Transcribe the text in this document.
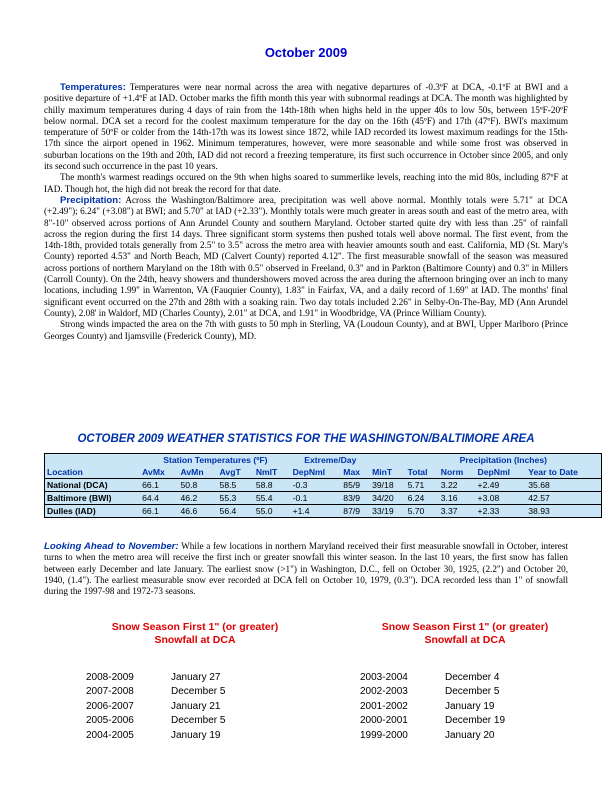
October 2009

Temperatures: Temperatures were near normal across the area with negative departures of -0.3ºF at DCA, -0.1ºF at BWI and a positive departure of +1.4ºF at IAD. October marks the fifth month this year with subnormal readings at DCA. The month was highlighted by chilly maximum temperatures during 4 days of rain from the 14th-18th when highs held in the upper 40s to low 50s, between 15ºF-20ºF below normal. DCA set a record for the coolest maximum temperature for the day on the 16th (45ºF) and 17th (47ºF). BWI's maximum temperature of 50ºF or colder from the 14th-17th was its lowest since 1872, while IAD recorded its lowest maximum readings for the 15th-17th since the airport opened in 1962. Minimum temperatures, however, were more seasonable and while some frost was observed in suburban locations on the 19th and 20th, IAD did not record a freezing temperature, its first such occurrence in October since 2005, and only its second such occurrence in the past 10 years.

The month's warmest readings occured on the 9th when highs soared to summerlike levels, reaching into the mid 80s, including 87ºF at IAD. Though hot, the high did not break the record for that date.

Precipitation: Across the Washington/Baltimore area, precipitation was well above normal. Monthly totals were 5.71" at DCA (+2.49"); 6.24" (+3.08") at BWI; and 5.70" at IAD (+2.33"). Monthly totals were much greater in areas south and east of the metro area, with 8"-10" observed across portions of Ann Arundel County and southern Maryland. October started quite dry with less than .25" of rainfall across the region during the first 14 days. Three significant storm systems then pushed totals well above normal. The first event, from the 14th-18th, provided totals generally from 2.5" to 3.5" across the metro area with heavier amounts south and east. California, MD (St. Mary's County) reported 4.53" and North Beach, MD (Calvert County) reported 4.12". The first measurable snowfall of the season was measured across portions of northern Maryland on the 18th with 0.5" observed in Freeland, 0.3" and in Parkton (Baltimore County) and 0.3" in Millers (Carroll County). On the 24th, heavy showers and thundershowers moved across the area during the afternoon bringing over an inch to many locations, including 1.99" in Warrenton, VA (Fauquier County), 1.83" in Fairfax, VA, and a daily record of 1.69" at IAD. The months' final significant event occurred on the 27th and 28th with a soaking rain. Two day totals included 2.26" in Selby-On-The-Bay, MD (Ann Arundel County), 2.08' in Waldorf, MD (Charles County), 2.01" at DCA, and 1.91" in Woodbridge, VA (Prince William County).

Strong winds impacted the area on the 7th with gusts to 50 mph in Sterling, VA (Loudoun County), and at BWI, Upper Marlboro (Prince Georges County) and Ijamsville (Frederick County), MD.

OCTOBER 2009 WEATHER STATISTICS FOR THE WASHINGTON/BALTIMORE AREA
	Station Temperatures (ºF)				Extreme/Day			Precipitation (Inches)			
Location	AvMx	AvMn	AvgT	NmlT	DepNml	Max	MinT	Total	Norm	DepNml	Year to Date
National (DCA)	66.1	50.8	58.5	58.8	-0.3	85/9	39/18	5.71	3.22	+2.49	35.68
Baltimore (BWI)	64.4	46.2	55.3	55.4	-0.1	83/9	34/20	6.24	3.16	+3.08	42.57
Dulles (IAD)	66.1	46.6	56.4	55.0	+1.4	87/9	33/19	5.70	3.37	+2.33	38.93

Looking Ahead to November: While a few locations in northern Maryland received their first measurable snowfall in October, interest turns to when the metro area will receive the first inch or greater snowfall this winter season. In the last 10 years, the first snow has fallen between early December and late January. The earliest snow (>1") in Washington, D.C., fell on October 30, 1925, (2.2") and October 20, 1940, (1.4"). The earliest measurable snow ever recorded at DCA fell on October 10, 1979, (0.3"). DCA recorded less than 1" of snowfall during the 1997-98 and 1972-73 seasons.

Snow Season First 1" (or greater)
Snowfall at DCA
2008-2009	January 27
2007-2008	December 5
2006-2007	January 21
2005-2006	December 5
2004-2005	January 19
Snow Season First 1" (or greater)
Snowfall at DCA
2003-2004	December 4
2002-2003	December 5
2001-2002	January 19
2000-2001	December 19
1999-2000	January 20
